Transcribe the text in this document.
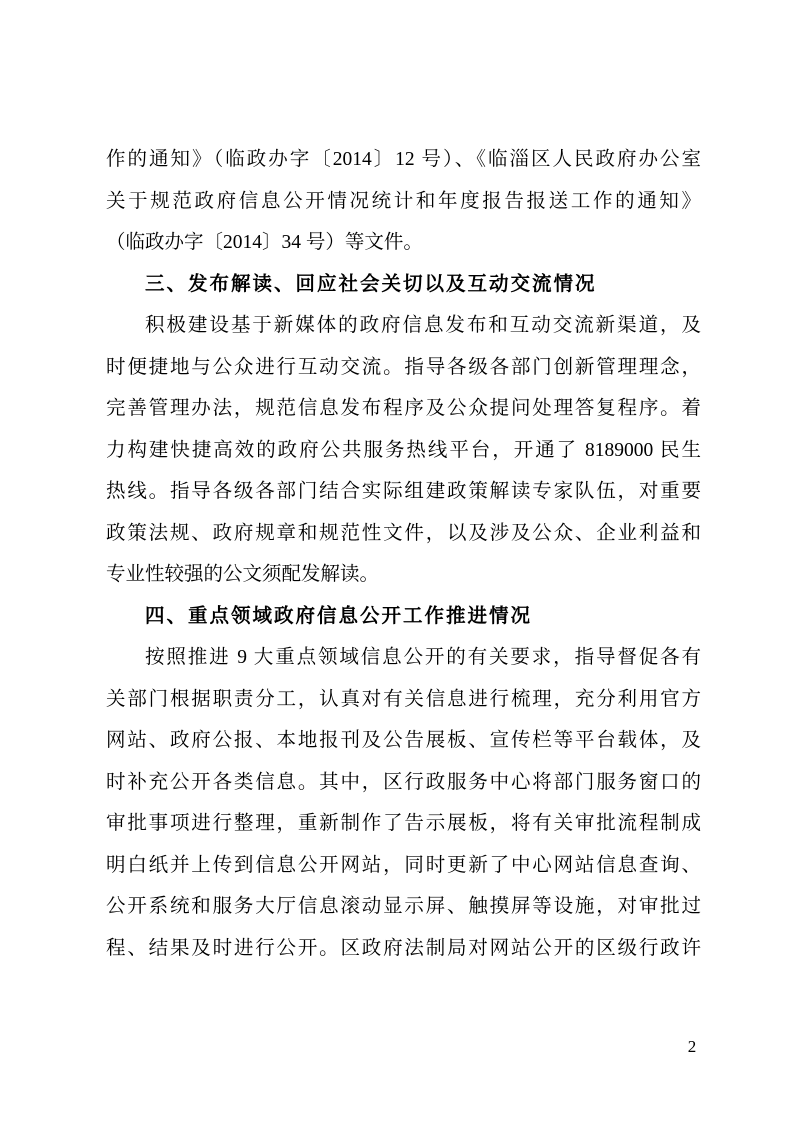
作的通知》（临政办字〔2014〕12 号）、《临淄区人民政府办公室
关于规范政府信息公开情况统计和年度报告报送工作的通知》
（临政办字〔2014〕34 号）等文件。
三、发布解读、回应社会关切以及互动交流情况
积极建设基于新媒体的政府信息发布和互动交流新渠道，及
时便捷地与公众进行互动交流。指导各级各部门创新管理理念，
完善管理办法，规范信息发布程序及公众提问处理答复程序。着
力构建快捷高效的政府公共服务热线平台，开通了 8189000 民生
热线。指导各级各部门结合实际组建政策解读专家队伍，对重要
政策法规、政府规章和规范性文件，以及涉及公众、企业利益和
专业性较强的公文须配发解读。
四、重点领域政府信息公开工作推进情况
按照推进 9 大重点领域信息公开的有关要求，指导督促各有
关部门根据职责分工，认真对有关信息进行梳理，充分利用官方
网站、政府公报、本地报刊及公告展板、宣传栏等平台载体，及
时补充公开各类信息。其中，区行政服务中心将部门服务窗口的
审批事项进行整理，重新制作了告示展板，将有关审批流程制成
明白纸并上传到信息公开网站，同时更新了中心网站信息查询、
公开系统和服务大厅信息滚动显示屏、触摸屏等设施，对审批过
程、结果及时进行公开。区政府法制局对网站公开的区级行政许
2
